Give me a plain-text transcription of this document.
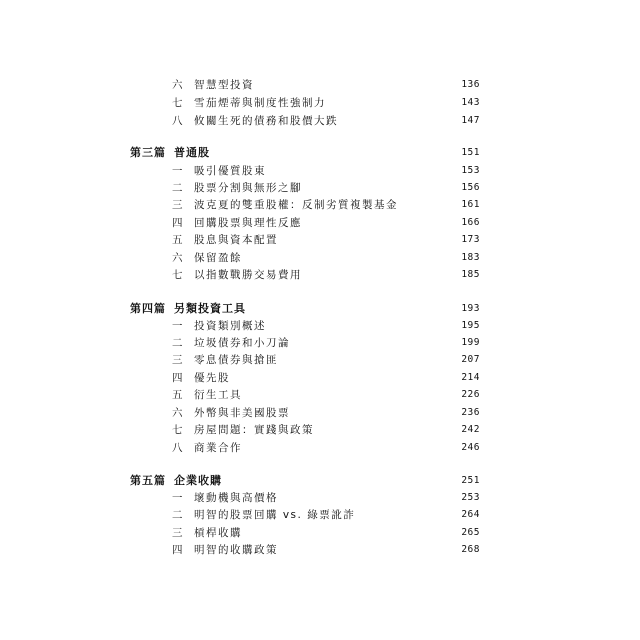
六 智慧型投資	136
七 雪茄煙蒂與制度性強制力	143
八 攸關生死的債務和股價大跌	147
第三篇 普通股	151
一 吸引優質股東	153
二 股票分割與無形之腳	156
三 波克夏的雙重股權：反制劣質複製基金	161
四 回購股票與理性反應	166
五 股息與資本配置	173
六 保留盈餘	183
七 以指數戰勝交易費用	185
第四篇 另類投資工具	193
一 投資類別概述	195
二 垃圾債券和小刀論	199
三 零息債券與搶匪	207
四 優先股	214
五 衍生工具	226
六 外幣與非美國股票	236
七 房屋問題：實踐與政策	242
八 商業合作	246
第五篇 企業收購	251
一 壞動機與高價格	253
二 明智的股票回購 vs. 綠票訛詐	264
三 槓桿收購	265
四 明智的收購政策	268
